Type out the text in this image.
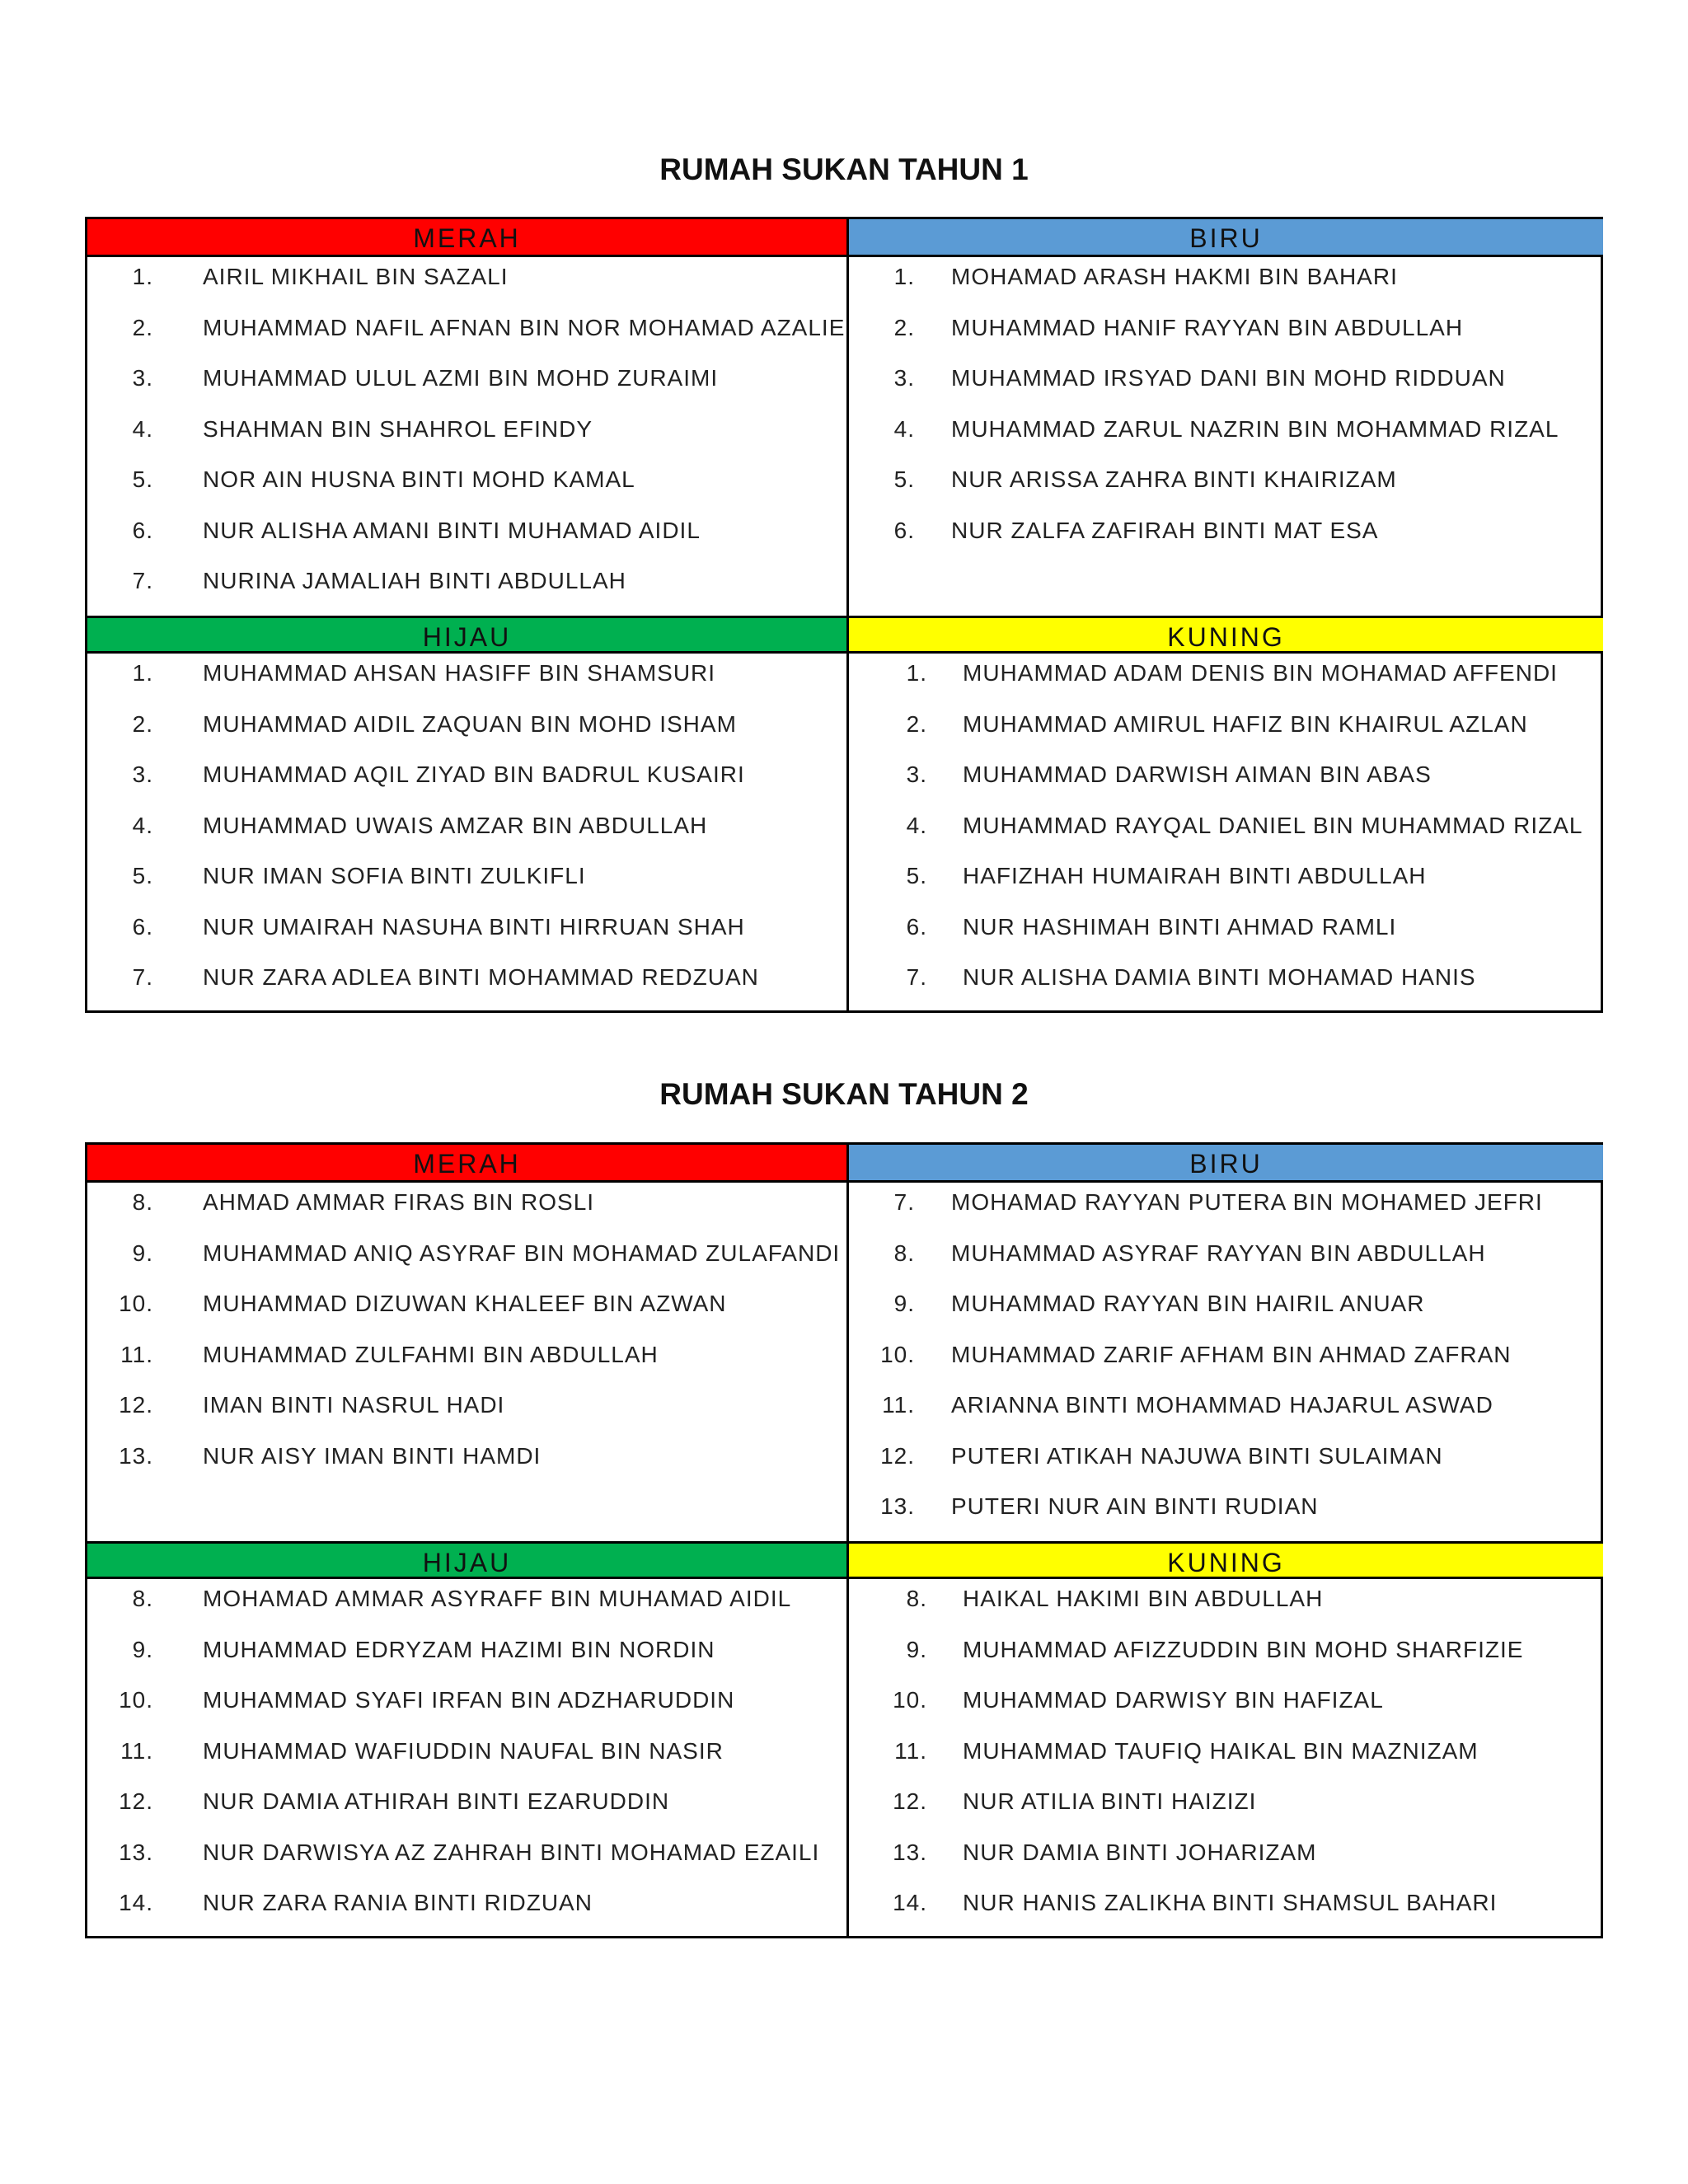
RUMAH SUKAN TAHUN 1
MERAH
1. AIRIL MIKHAIL BIN SAZALI
2. MUHAMMAD NAFIL AFNAN BIN NOR MOHAMAD AZALIE
3. MUHAMMAD ULUL AZMI BIN MOHD ZURAIMI
4. SHAHMAN BIN SHAHROL EFINDY
5. NOR AIN HUSNA BINTI MOHD KAMAL
6. NUR ALISHA AMANI BINTI MUHAMAD AIDIL
7. NURINA JAMALIAH BINTI ABDULLAH
BIRU
1. MOHAMAD ARASH HAKMI BIN BAHARI
2. MUHAMMAD HANIF RAYYAN BIN ABDULLAH
3. MUHAMMAD IRSYAD DANI BIN MOHD RIDDUAN
4. MUHAMMAD ZARUL NAZRIN BIN MOHAMMAD RIZAL
5. NUR ARISSA ZAHRA BINTI KHAIRIZAM
6. NUR ZALFA ZAFIRAH BINTI MAT ESA
HIJAU
1. MUHAMMAD AHSAN HASIFF BIN SHAMSURI
2. MUHAMMAD AIDIL ZAQUAN BIN MOHD ISHAM
3. MUHAMMAD AQIL ZIYAD BIN BADRUL KUSAIRI
4. MUHAMMAD UWAIS AMZAR BIN ABDULLAH
5. NUR IMAN SOFIA BINTI ZULKIFLI
6. NUR UMAIRAH NASUHA BINTI HIRRUAN SHAH
7. NUR ZARA ADLEA BINTI MOHAMMAD REDZUAN
KUNING
1. MUHAMMAD ADAM DENIS BIN MOHAMAD AFFENDI
2. MUHAMMAD AMIRUL HAFIZ BIN KHAIRUL AZLAN
3. MUHAMMAD DARWISH AIMAN BIN ABAS
4. MUHAMMAD RAYQAL DANIEL BIN MUHAMMAD RIZAL
5. HAFIZHAH HUMAIRAH BINTI ABDULLAH
6. NUR HASHIMAH BINTI AHMAD RAMLI
7. NUR ALISHA DAMIA BINTI MOHAMAD HANIS
RUMAH SUKAN TAHUN 2
MERAH
8. AHMAD AMMAR FIRAS BIN ROSLI
9. MUHAMMAD ANIQ ASYRAF BIN MOHAMAD ZULAFANDI
10. MUHAMMAD DIZUWAN KHALEEF BIN AZWAN
11. MUHAMMAD ZULFAHMI BIN ABDULLAH
12. IMAN BINTI NASRUL HADI
13. NUR AISY IMAN BINTI HAMDI
BIRU
7. MOHAMAD RAYYAN PUTERA BIN MOHAMED JEFRI
8. MUHAMMAD ASYRAF RAYYAN BIN ABDULLAH
9. MUHAMMAD RAYYAN BIN HAIRIL ANUAR
10. MUHAMMAD ZARIF AFHAM BIN AHMAD ZAFRAN
11. ARIANNA BINTI MOHAMMAD HAJARUL ASWAD
12. PUTERI ATIKAH NAJUWA BINTI SULAIMAN
13. PUTERI NUR AIN BINTI RUDIAN
HIJAU
8. MOHAMAD AMMAR ASYRAFF BIN MUHAMAD AIDIL
9. MUHAMMAD EDRYZAM HAZIMI BIN NORDIN
10. MUHAMMAD SYAFI IRFAN BIN ADZHARUDDIN
11. MUHAMMAD WAFIUDDIN NAUFAL BIN NASIR
12. NUR DAMIA ATHIRAH BINTI EZARUDDIN
13. NUR DARWISYA AZ ZAHRAH BINTI MOHAMAD EZAILI
14. NUR ZARA RANIA BINTI RIDZUAN
KUNING
8. HAIKAL HAKIMI BIN ABDULLAH
9. MUHAMMAD AFIZZUDDIN BIN MOHD SHARFIZIE
10. MUHAMMAD DARWISY BIN HAFIZAL
11. MUHAMMAD TAUFIQ HAIKAL BIN MAZNIZAM
12. NUR ATILIA BINTI HAIZIZI
13. NUR DAMIA BINTI JOHARIZAM
14. NUR HANIS ZALIKHA BINTI SHAMSUL BAHARI
